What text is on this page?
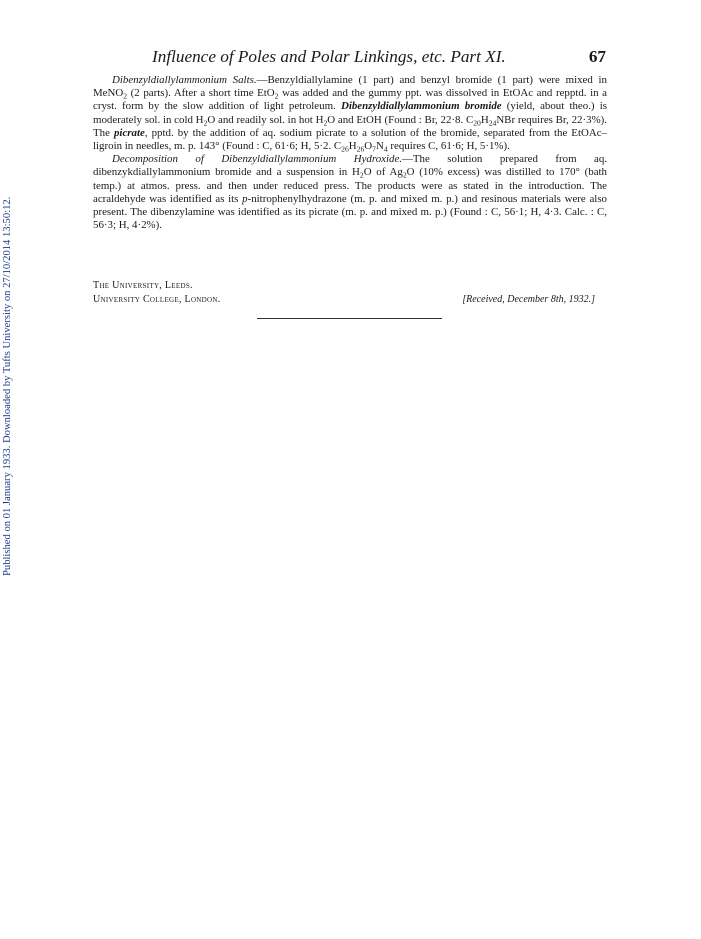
Published on 01 January 1933. Downloaded by Tufts University on 27/10/2014 13:50:12.
Influence of Poles and Polar Linkings, etc. Part XI.	67

Dibenzyldiallylammonium Salts.—Benzyldiallylamine (1 part) and benzyl bromide (1 part) were mixed in MeNO$_2$ (2 parts). After a short time EtO$_2$ was added and the gummy ppt. was dissolved in EtOAc and repptd. in a cryst. form by the slow addition of light petroleum. Dibenzyldiallylammonium bromide (yield, about theo.) is moderately sol. in cold $H_2O$ and readily sol. in hot $H_2O$ and EtOH (Found : Br, 22·8. $C_{20}H_{24}NBr$ requires Br, 22·3%). The picrate, pptd. by the addition of aq. sodium picrate to a solution of the bromide, separated from the EtOAc–ligroin in needles, m. p. 143° (Found : C, 61·6; H, 5·2. $C_{26}H_{26}O_7N_4$ requires C, 61·6; H, 5·1%).

Decomposition of Dibenzyldiallylammonium Hydroxide.—The solution prepared from aq. dibenzykdiallylammonium bromide and a suspension in $H_2O$ of $Ag_2O$ (10% excess) was distilled to 170° (bath temp.) at atmos. press. and then under reduced press. The products were as stated in the introduction. The acraldehyde was identified as its p-nitrophenylhydrazone (m. p. and mixed m. p.) and resinous materials were also present. The dibenzylamine was identified as its picrate (m. p. and mixed m. p.) (Found : C, 56·1; H, 4·3. Calc. : C, 56·3; H, 4·2%).

The University, Leeds.
University College, London.	[Received, December 8th, 1932.]
